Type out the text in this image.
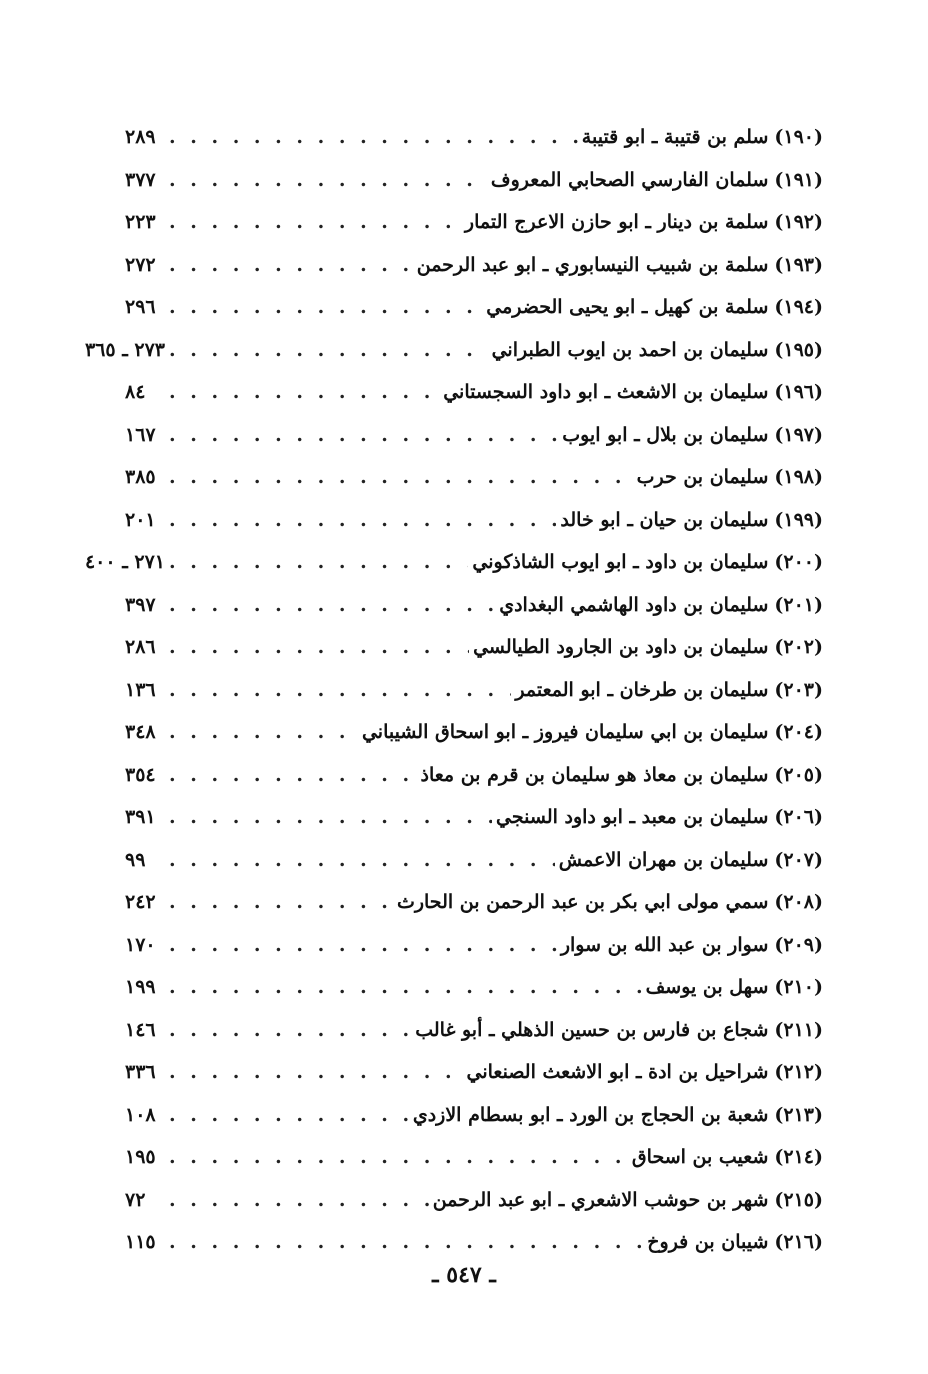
(١٩٠)
سلم بن قتيبة ـ ابو قتيبة
. . .
٢٨٩
(١٩١)
سلمان الفارسي الصحابي المعروف
. . .
٣٧٧
(١٩٢)
سلمة بن دينار ـ ابو حازن الاعرج التمار
. . .
٢٢٣
(١٩٣)
سلمة بن شبيب النيسابوري ـ ابو عبد الرحمن
. . .
٢٧٢
(١٩٤)
سلمة بن كهيل ـ ابو يحيى الحضرمي
. . .
٢٩٦
(١٩٥)
سليمان بن احمد بن ايوب الطبراني
. . .
٢٧٣ ـ ٣٦٥
(١٩٦)
سليمان بن الاشعث ـ ابو داود السجستاني
. . .
٨٤
(١٩٧)
سليمان بن بلال ـ ابو ايوب
. . .
١٦٧
(١٩٨)
سليمان بن حرب
. . .
٣٨٥
(١٩٩)
سليمان بن حيان ـ ابو خالد
. . .
٢٠١
(٢٠٠)
سليمان بن داود ـ ابو ايوب الشاذكوني
. . .
٢٧١ ـ ٤٠٠
(٢٠١)
سليمان بن داود الهاشمي البغدادي
. . .
٣٩٧
(٢٠٢)
سليمان بن داود بن الجارود الطيالسي
. . .
٢٨٦
(٢٠٣)
سليمان بن طرخان ـ ابو المعتمر
. . .
١٣٦
(٢٠٤)
سليمان بن ابي سليمان فيروز ـ ابو اسحاق الشيباني
. . .
٣٤٨
(٢٠٥)
سليمان بن معاذ هو سليمان بن قرم بن معاذ
. . .
٣٥٤
(٢٠٦)
سليمان بن معبد ـ ابو داود السنجي
. . .
٣٩١
(٢٠٧)
سليمان بن مهران الاعمش
. . .
٩٩
(٢٠٨)
سمي مولى ابي بكر بن عبد الرحمن بن الحارث
. . .
٢٤٢
(٢٠٩)
سوار بن عبد الله بن سوار
. . .
١٧٠
(٢١٠)
سهل بن يوسف
. . .
١٩٩
(٢١١)
شجاع بن فارس بن حسين الذهلي ـ أبو غالب
. . .
١٤٦
(٢١٢)
شراحيل بن ادة ـ ابو الاشعث الصنعاني
. . .
٣٣٦
(٢١٣)
شعبة بن الحجاج بن الورد ـ ابو بسطام الازدي
. . .
١٠٨
(٢١٤)
شعيب بن اسحاق
. . .
١٩٥
(٢١٥)
شهر بن حوشب الاشعري ـ ابو عبد الرحمن
. . .
٧٢
(٢١٦)
شيبان بن فروخ
. . .
١١٥
ـ ٥٤٧ ـ
